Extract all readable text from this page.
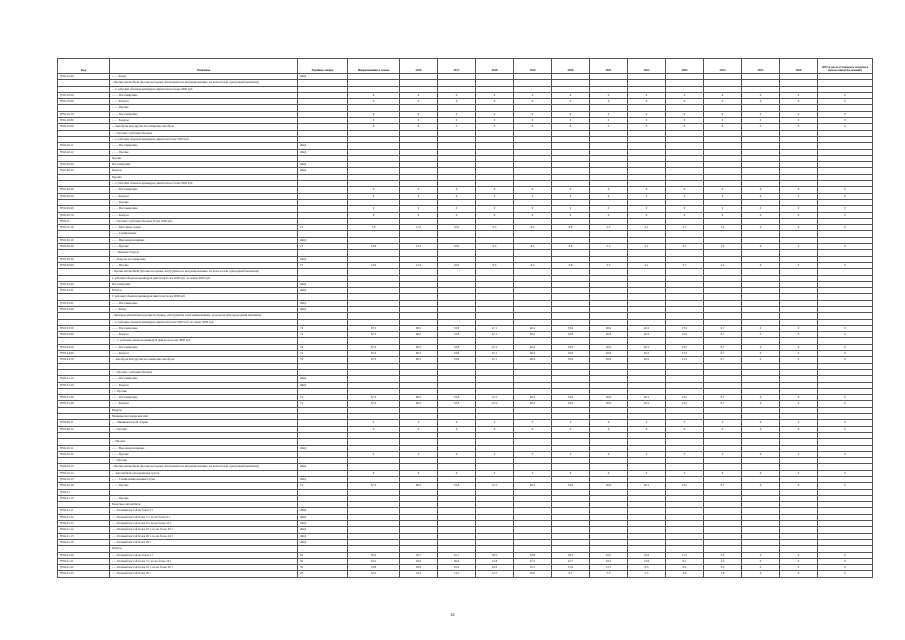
Код	Описание	Единица товара	Неприменение в сезоне	2016	2017	2018	2019	2020	2021	2022	2023	2024	2025	2026	2027 и после (стоимость встречи в начале выпуска сезонов)
8702.10.40	- - - - Бонус	ОКД													
	- Прочие автомобили (прочие моторные, инструменты и инсценированные, на колесах или однородный механизм)														
	- - С рабочим объемом цилиндров двигателя не более 2000 куб.														
8702.10.50	- - - - Пассажирские		0	0	0	0	0	0	0	0	0	0	0	0	0
8702.10.60	- - - - Бонусы		0	0	0	0	0	0	0	0	0	0	0	0	0
	- - - - Прочие														
8702.10.70	- - - - Пассажирские		0	0	0	0	0	0	0	0	0	0	0	0	0
8702.10.80	- - - - Бонусы		0	0	0	0	0	0	0	0	0	0	0	0	0
8702.10.90	- - Автобусы или другие пассажирские автобусы		0	0	0	0	0	0	0	0	0	0	0	0	0
	- - - Прочие с рабочим объемом														
	- - С рабочим объемом цилиндров двигателя более 2000 куб.														
8702.20.11	- - - - Пассажирские	ОКД													
8702.20.12	- - - - Прочие	ОКД													
	Прочие														
8702.20.20	Пассажирские	ОКД													
8702.20.30	Бонусы	ОКД													
	Прочие														
	- - С рабочим объемом цилиндров двигателя не более 2000 куб.														
8702.20.40	- - - - Пассажирские		0	0	0	0	0	0	0	0	0	0	0	0	0
8702.20.50	- - - - Бонусы		0	0	0	0	0	0	0	0	0	0	0	0	0
	- - - - Прочие														
8702.20.60	- - - - Пассажирские		0	0	0	0	0	0	0	0	0	0	0	0	0
8702.20.70	- - - - Бонусы		0	0	0	0	0	0	0	0	0	0	0	0	0
8703.11	- - - Прочие с рабочим объемом более 1000 куб.														
8703.11.10	- - - - Моторные лодки	13	7.6	11.2	10.9	9.5	8.2	6.8	5.5	4.1	2.7	1.4	0	0	0
	- - - - Специальные														
8703.20.10	- - - - Высокопроходимые	ОКД													
8703.20.20	- - - - Прочие	15	13.6	12.3	10.9	9.5	8.2	6.8	5.5	4.1	2.7	1.4	0	0	0
	- - - Тяжелые бонусы														
8703.20.30	- - - Бонусы пассажирские	ОКД													
8703.20.90	- - - - Прочие	15	13.6	12.3	10.9	9.5	8.2	6.8	5.5	4.1	2.7	1.4	0	0	0
	- Прочие автомобили (прочие моторные, инструменты и инсценированные, на колесах или однородный механизм)														
	С рабочим объемом цилиндров двигателя более 2000 куб. но менее 3000 куб.														
8703.22.40	Пассажирские	ОКД													
8703.22.41	Бонусы	ОКД													
	С рабочим объемом цилиндров двигателя более 3000 куб.														
8703.23.41	- - - - Пассажирские	ОКД													
8703.23.46	- - - - Бонус	ОКД													
	- Легковые автомобили (прочие моторные, инструменты и инсценированные, на колесах или однородный механизм)														
	- - С рабочим объемом цилиндров двигателя более 2000 куб. но менее 3000 куб.														
8703.23.50	- - - - Пассажирские	74	67.3	60.5	53.8	47.1	40.4	33.6	26.9	20.2	13.5	6.7	0	0	0
8703.23.60	- - - - Бонусы	74	67.3	60.5	53.8	47.1	40.4	33.6	26.9	20.2	13.5	6.7	0	0	0
	- - - С рабочим объемом цилиндров двигателя более 3000 куб.														
8703.24.50	- - - - Пассажирские	74	67.3	60.5	53.8	47.1	40.4	33.6	26.9	20.2	13.5	6.7	0	0	0
8703.24.60	- - - - Бонусы	74	67.3	60.5	53.8	47.1	40.4	33.6	26.9	20.2	13.5	6.7	0	0	0
8703.24.70	- - Автобусы или другие пассажирские автобусы	74	67.3	60.5	53.8	47.1	40.4	33.6	26.9	20.2	13.5	6.7	0	0	0

	- - - Прочие с рабочим объемом														
8703.31.10	- - - - Пассажирские	ОКД													
8703.31.20	- - - - Бонусы	ОКД													
	- - - Прочие														
8703.31.30	- - - - Пассажирские	74	67.3	60.5	53.8	47.1	40.4	33.6	26.9	20.2	13.5	6.7	0	0	0
8703.31.40	- - - - Бонусы	74	67.3	60.5	53.8	47.1	40.4	33.6	26.9	20.2	13.5	6.7	0	0	0
	Бонусы														
	Машины пассажирские или														
8703.90.11	- - - Машины второй сборки		0	0	0	0	0	0	0	0	0	0	0	0	0
8703.90.12	- - - Прочие		0	0	0	0	0	0	0	0	0	0	0	0	0

	- - Прочие														
8704.10.11	- - - - Высокопроходимые	ОКД													
8704.10.12	- - - - Прочие		0	0	0	0	0	0	0	0	0	0	0	0	0
	- - - Прочие														
8704.10.13	- Прочие автомобили (прочие моторные, инструменты и инсценированные, на колесах или однородный механизм)	ОКД													
8704.10.14	- - Автомобили для перевозки грузов		0	0	0	0	0	0	0	0	0	0	0	0	0
8704.10.15	- - - - Специализированные грузы	ОКД													
8704.10.16	- - - - Прочие	74	67.3	60.5	53.8	47.1	40.4	33.6	26.9	20.2	13.5	6.7	0	0	0
8704.21															
8704.21.10	- - - - Прочие														
	Бонусные автомобили														
8704.21.11	- - - Полный массой не более 5 т	ОКД													
8704.21.12	- - - Полный массой более 5 т, но не более 6 т	ОКД													
8704.21.13	- - - Полный массой более 6 т, но не более 10 т	ОКД													
8704.21.14	- - - Полный массой более 10 т, но не более 20 т	ОКД													
8704.21.15	- - - Полный массой более 20 т, но не более 24 т	ОКД													
8704.21.16	- - - Полный массой более 24 т	ОКД													
	Бонусы														
8704.21.20	- - - Полный массой не более 5 т	62	56.4	50.7	45.1	39.5	33.8	28.2	22.5	16.9	11.3	5.6	0	0	0
8704.21.21	- - - Полный массой более 5 т, но не более 10 т	50	45.5	40.9	36.4	31.8	27.3	22.7	18.2	13.6	9.1	4.5	0	0	0
8704.21.22	- - - Полный массой более 10 т, но не более 20 т	35	31.8	28.6	25.5	22.3	19.1	15.9	12.7	9.5	6.4	3.2	0	0	0
8704.21.23	- - - Полный массой более 20 т	20	18.2	16.4	14.5	12.7	10.9	9.1	7.3	5.5	3.6	1.8	0	0	0
42
